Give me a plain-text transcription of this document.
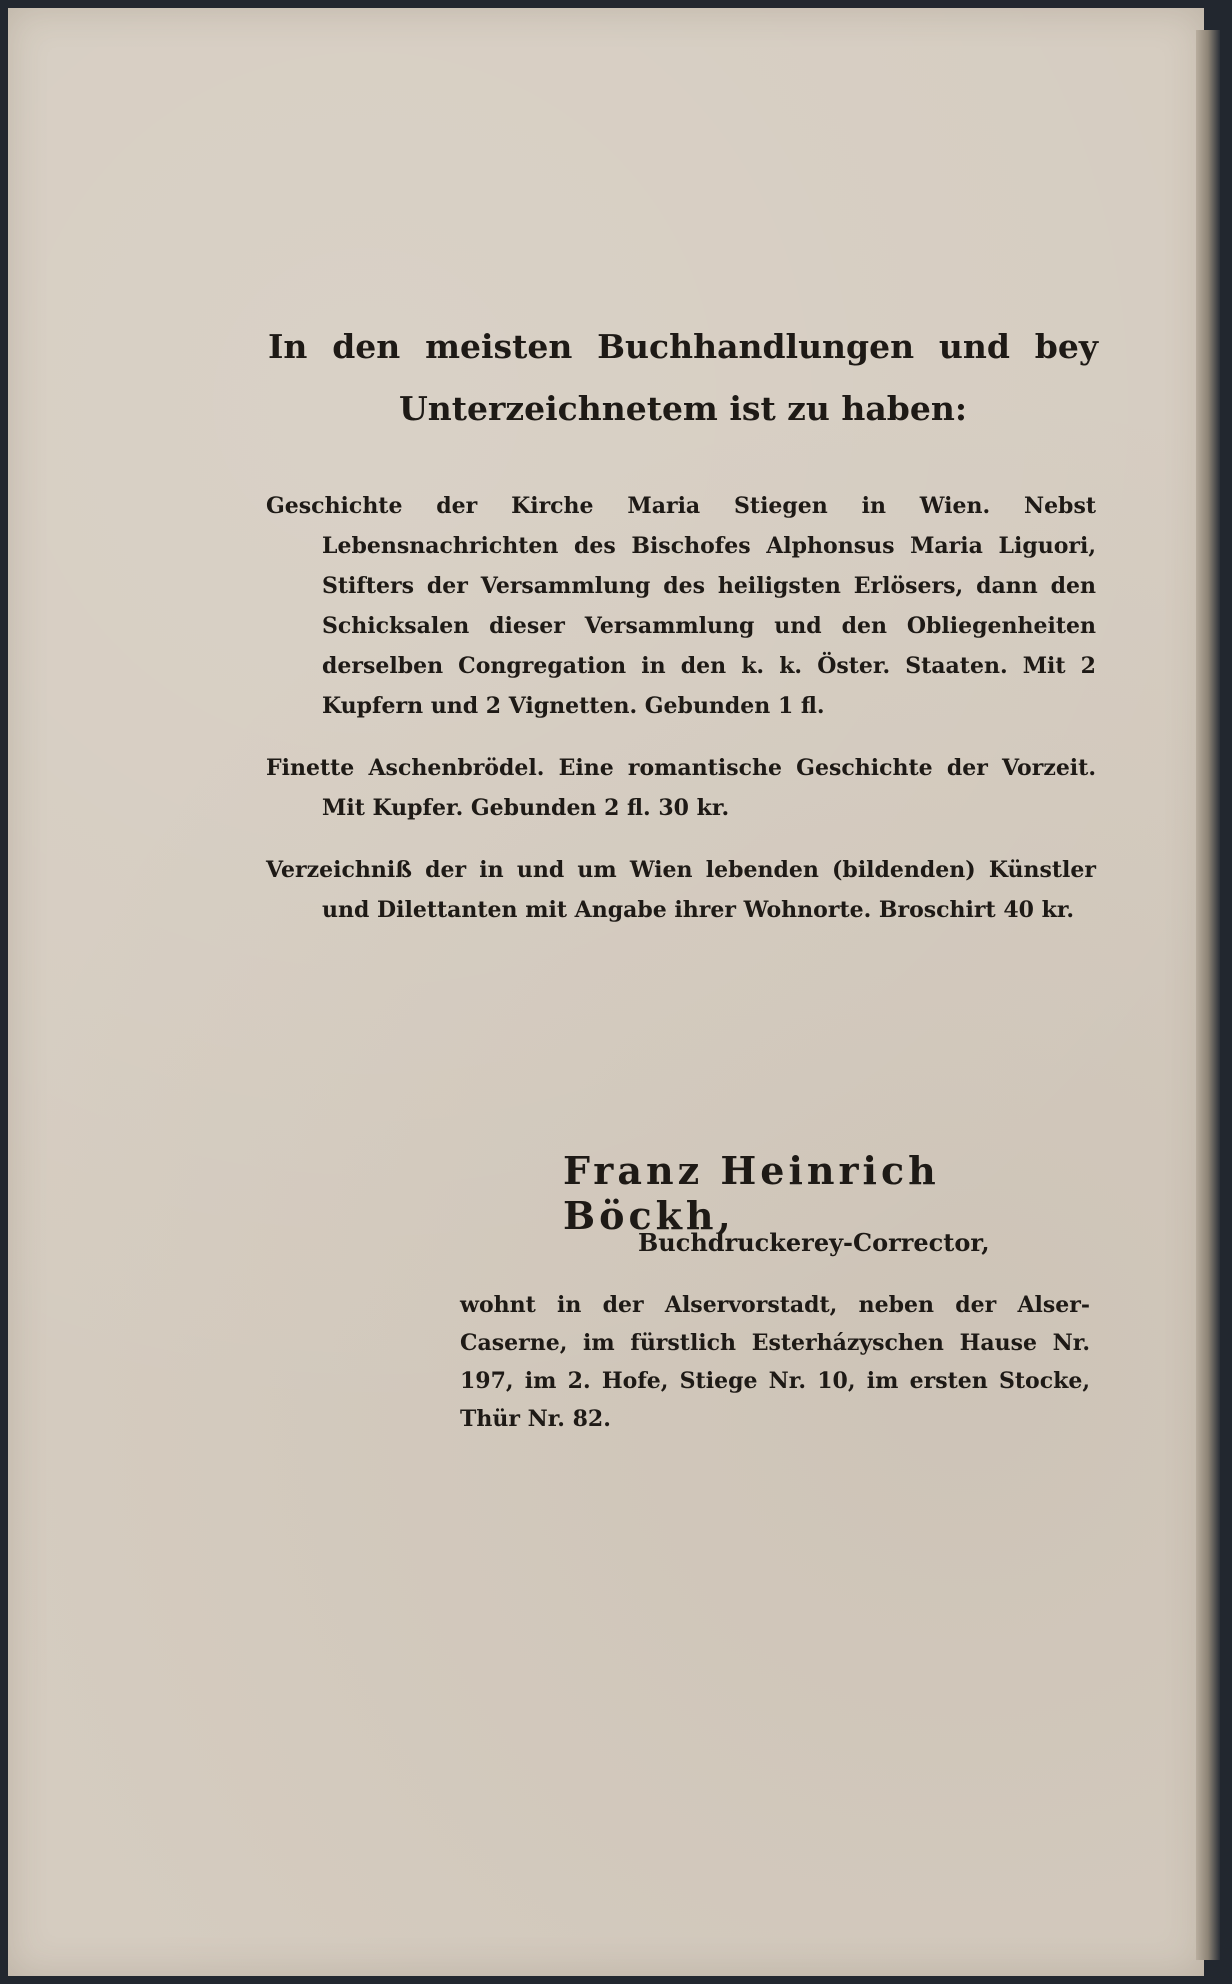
In den meisten Buchhandlungen und bey Unterzeichnetem ist zu haben:
Geschichte der Kirche Maria Stiegen in Wien. Nebst Lebensnachrichten des Bischofes Alphonsus Maria Liguori, Stifters der Versammlung des heiligsten Erlösers, dann den Schicksalen dieser Versammlung und den Obliegenheiten derselben Congregation in den k. k. Öster. Staaten. Mit 2 Kupfern und 2 Vignetten. Gebunden 1 fl.
Finette Aschenbrödel. Eine romantische Geschichte der Vorzeit. Mit Kupfer. Gebunden 2 fl. 30 kr.
Verzeichniß der in und um Wien lebenden (bildenden) Künstler und Dilettanten mit Angabe ihrer Wohnorte. Broschirt 40 kr.
Franz Heinrich Böckh,
Buchdruckerey-Corrector,
wohnt in der Alservorstadt, neben der Alser-Caserne, im fürstlich Esterházyschen Hause Nr. 197, im 2. Hofe, Stiege Nr. 10, im ersten Stocke, Thür Nr. 82.
